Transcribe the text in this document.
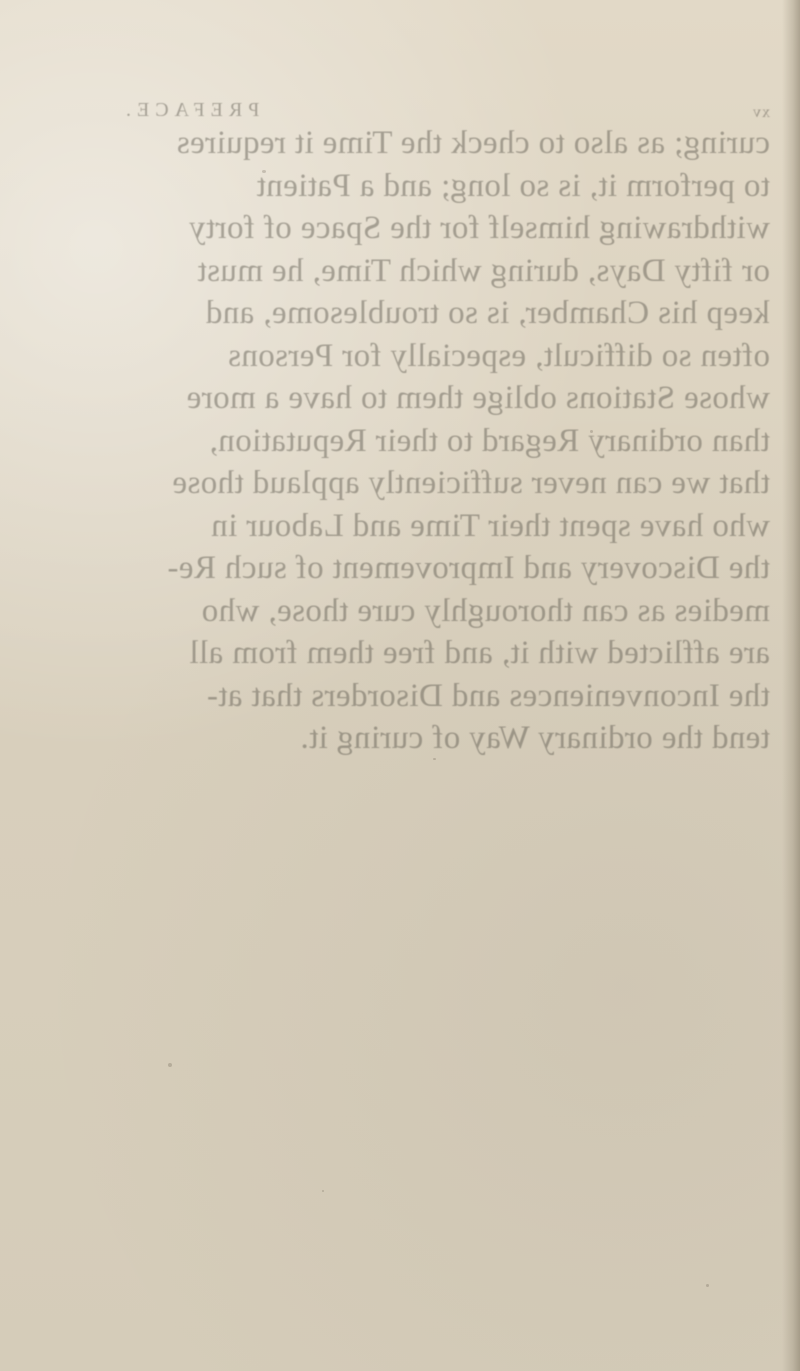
xv
PREFACE.
curing; as also to check the Time it requires
to perform it, is so long; and a Patient
withdrawing himself for the Space of forty
or fifty Days, during which Time, he must
keep his Chamber, is so troublesome, and
often so difficult, especially for Persons
whose Stations oblige them to have a more
than ordinary Regard to their Reputation,
that we can never sufficiently applaud those
who have spent their Time and Labour in
the Discovery and Improvement of such Re-
medies as can thoroughly cure those, who
are afflicted with it, and free them from all
the Inconveniences and Disorders that at-
tend the ordinary Way of curing it.
